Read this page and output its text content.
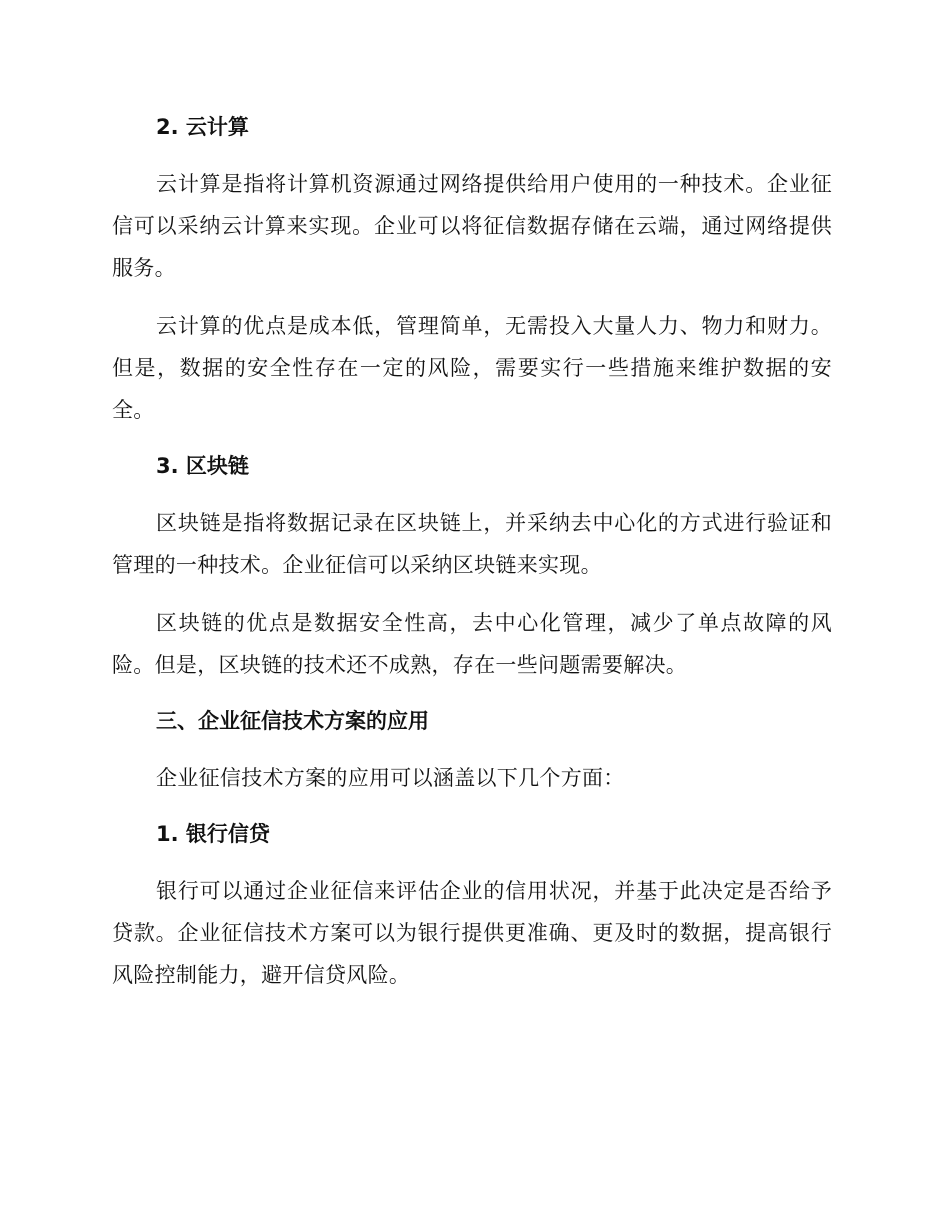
2. 云计算

云计算是指将计算机资源通过网络提供给用户使用的一种技术。企业征信可以采纳云计算来实现。企业可以将征信数据存储在云端，通过网络提供服务。

云计算的优点是成本低，管理简单，无需投入大量人力、物力和财力。但是，数据的安全性存在一定的风险，需要实行一些措施来维护数据的安全。

3. 区块链

区块链是指将数据记录在区块链上，并采纳去中心化的方式进行验证和管理的一种技术。企业征信可以采纳区块链来实现。

区块链的优点是数据安全性高，去中心化管理，减少了单点故障的风险。但是，区块链的技术还不成熟，存在一些问题需要解决。

三、企业征信技术方案的应用

企业征信技术方案的应用可以涵盖以下几个方面：

1. 银行信贷

银行可以通过企业征信来评估企业的信用状况，并基于此决定是否给予贷款。企业征信技术方案可以为银行提供更准确、更及时的数据，提高银行风险控制能力，避开信贷风险。
